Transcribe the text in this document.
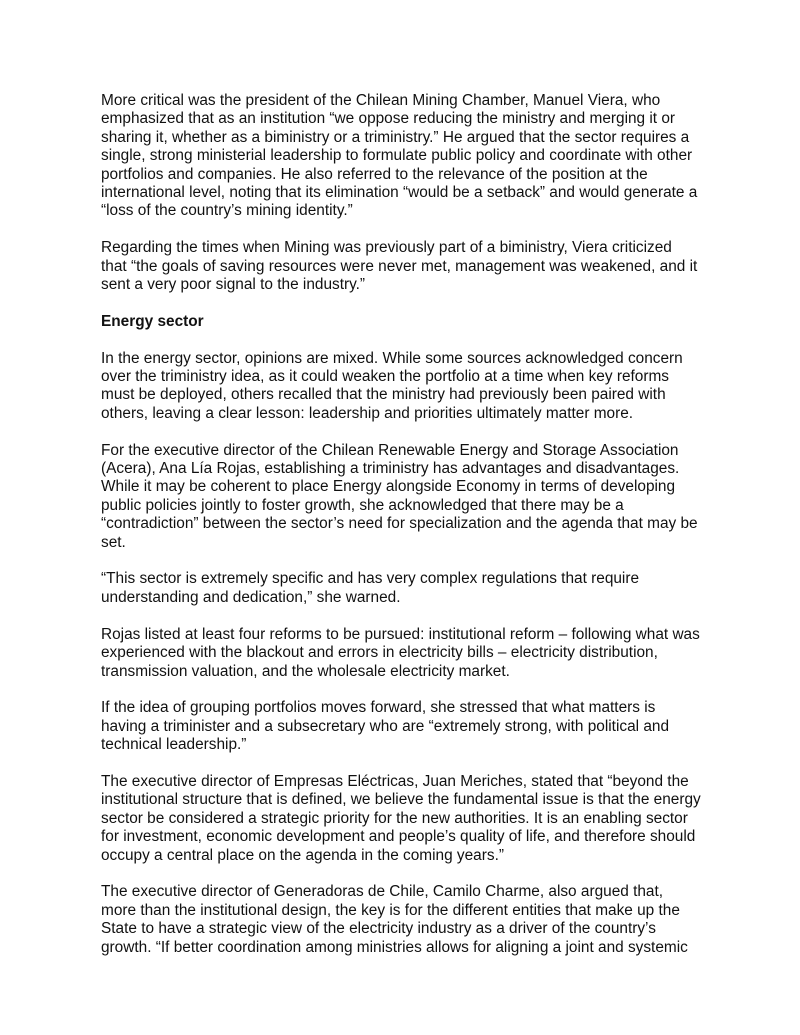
More critical was the president of the Chilean Mining Chamber, Manuel Viera, who
emphasized that as an institution “we oppose reducing the ministry and merging it or
sharing it, whether as a biministry or a triministry.” He argued that the sector requires a
single, strong ministerial leadership to formulate public policy and coordinate with other
portfolios and companies. He also referred to the relevance of the position at the
international level, noting that its elimination “would be a setback” and would generate a
“loss of the country’s mining identity.”
Regarding the times when Mining was previously part of a biministry, Viera criticized
that “the goals of saving resources were never met, management was weakened, and it
sent a very poor signal to the industry.”
Energy sector
In the energy sector, opinions are mixed. While some sources acknowledged concern
over the triministry idea, as it could weaken the portfolio at a time when key reforms
must be deployed, others recalled that the ministry had previously been paired with
others, leaving a clear lesson: leadership and priorities ultimately matter more.
For the executive director of the Chilean Renewable Energy and Storage Association
(Acera), Ana Lía Rojas, establishing a triministry has advantages and disadvantages.
While it may be coherent to place Energy alongside Economy in terms of developing
public policies jointly to foster growth, she acknowledged that there may be a
“contradiction” between the sector’s need for specialization and the agenda that may be
set.
“This sector is extremely specific and has very complex regulations that require
understanding and dedication,” she warned.
Rojas listed at least four reforms to be pursued: institutional reform – following what was
experienced with the blackout and errors in electricity bills – electricity distribution,
transmission valuation, and the wholesale electricity market.
If the idea of grouping portfolios moves forward, she stressed that what matters is
having a triminister and a subsecretary who are “extremely strong, with political and
technical leadership.”
The executive director of Empresas Eléctricas, Juan Meriches, stated that “beyond the
institutional structure that is defined, we believe the fundamental issue is that the energy
sector be considered a strategic priority for the new authorities. It is an enabling sector
for investment, economic development and people’s quality of life, and therefore should
occupy a central place on the agenda in the coming years.”
The executive director of Generadoras de Chile, Camilo Charme, also argued that,
more than the institutional design, the key is for the different entities that make up the
State to have a strategic view of the electricity industry as a driver of the country’s
growth. “If better coordination among ministries allows for aligning a joint and systemic
